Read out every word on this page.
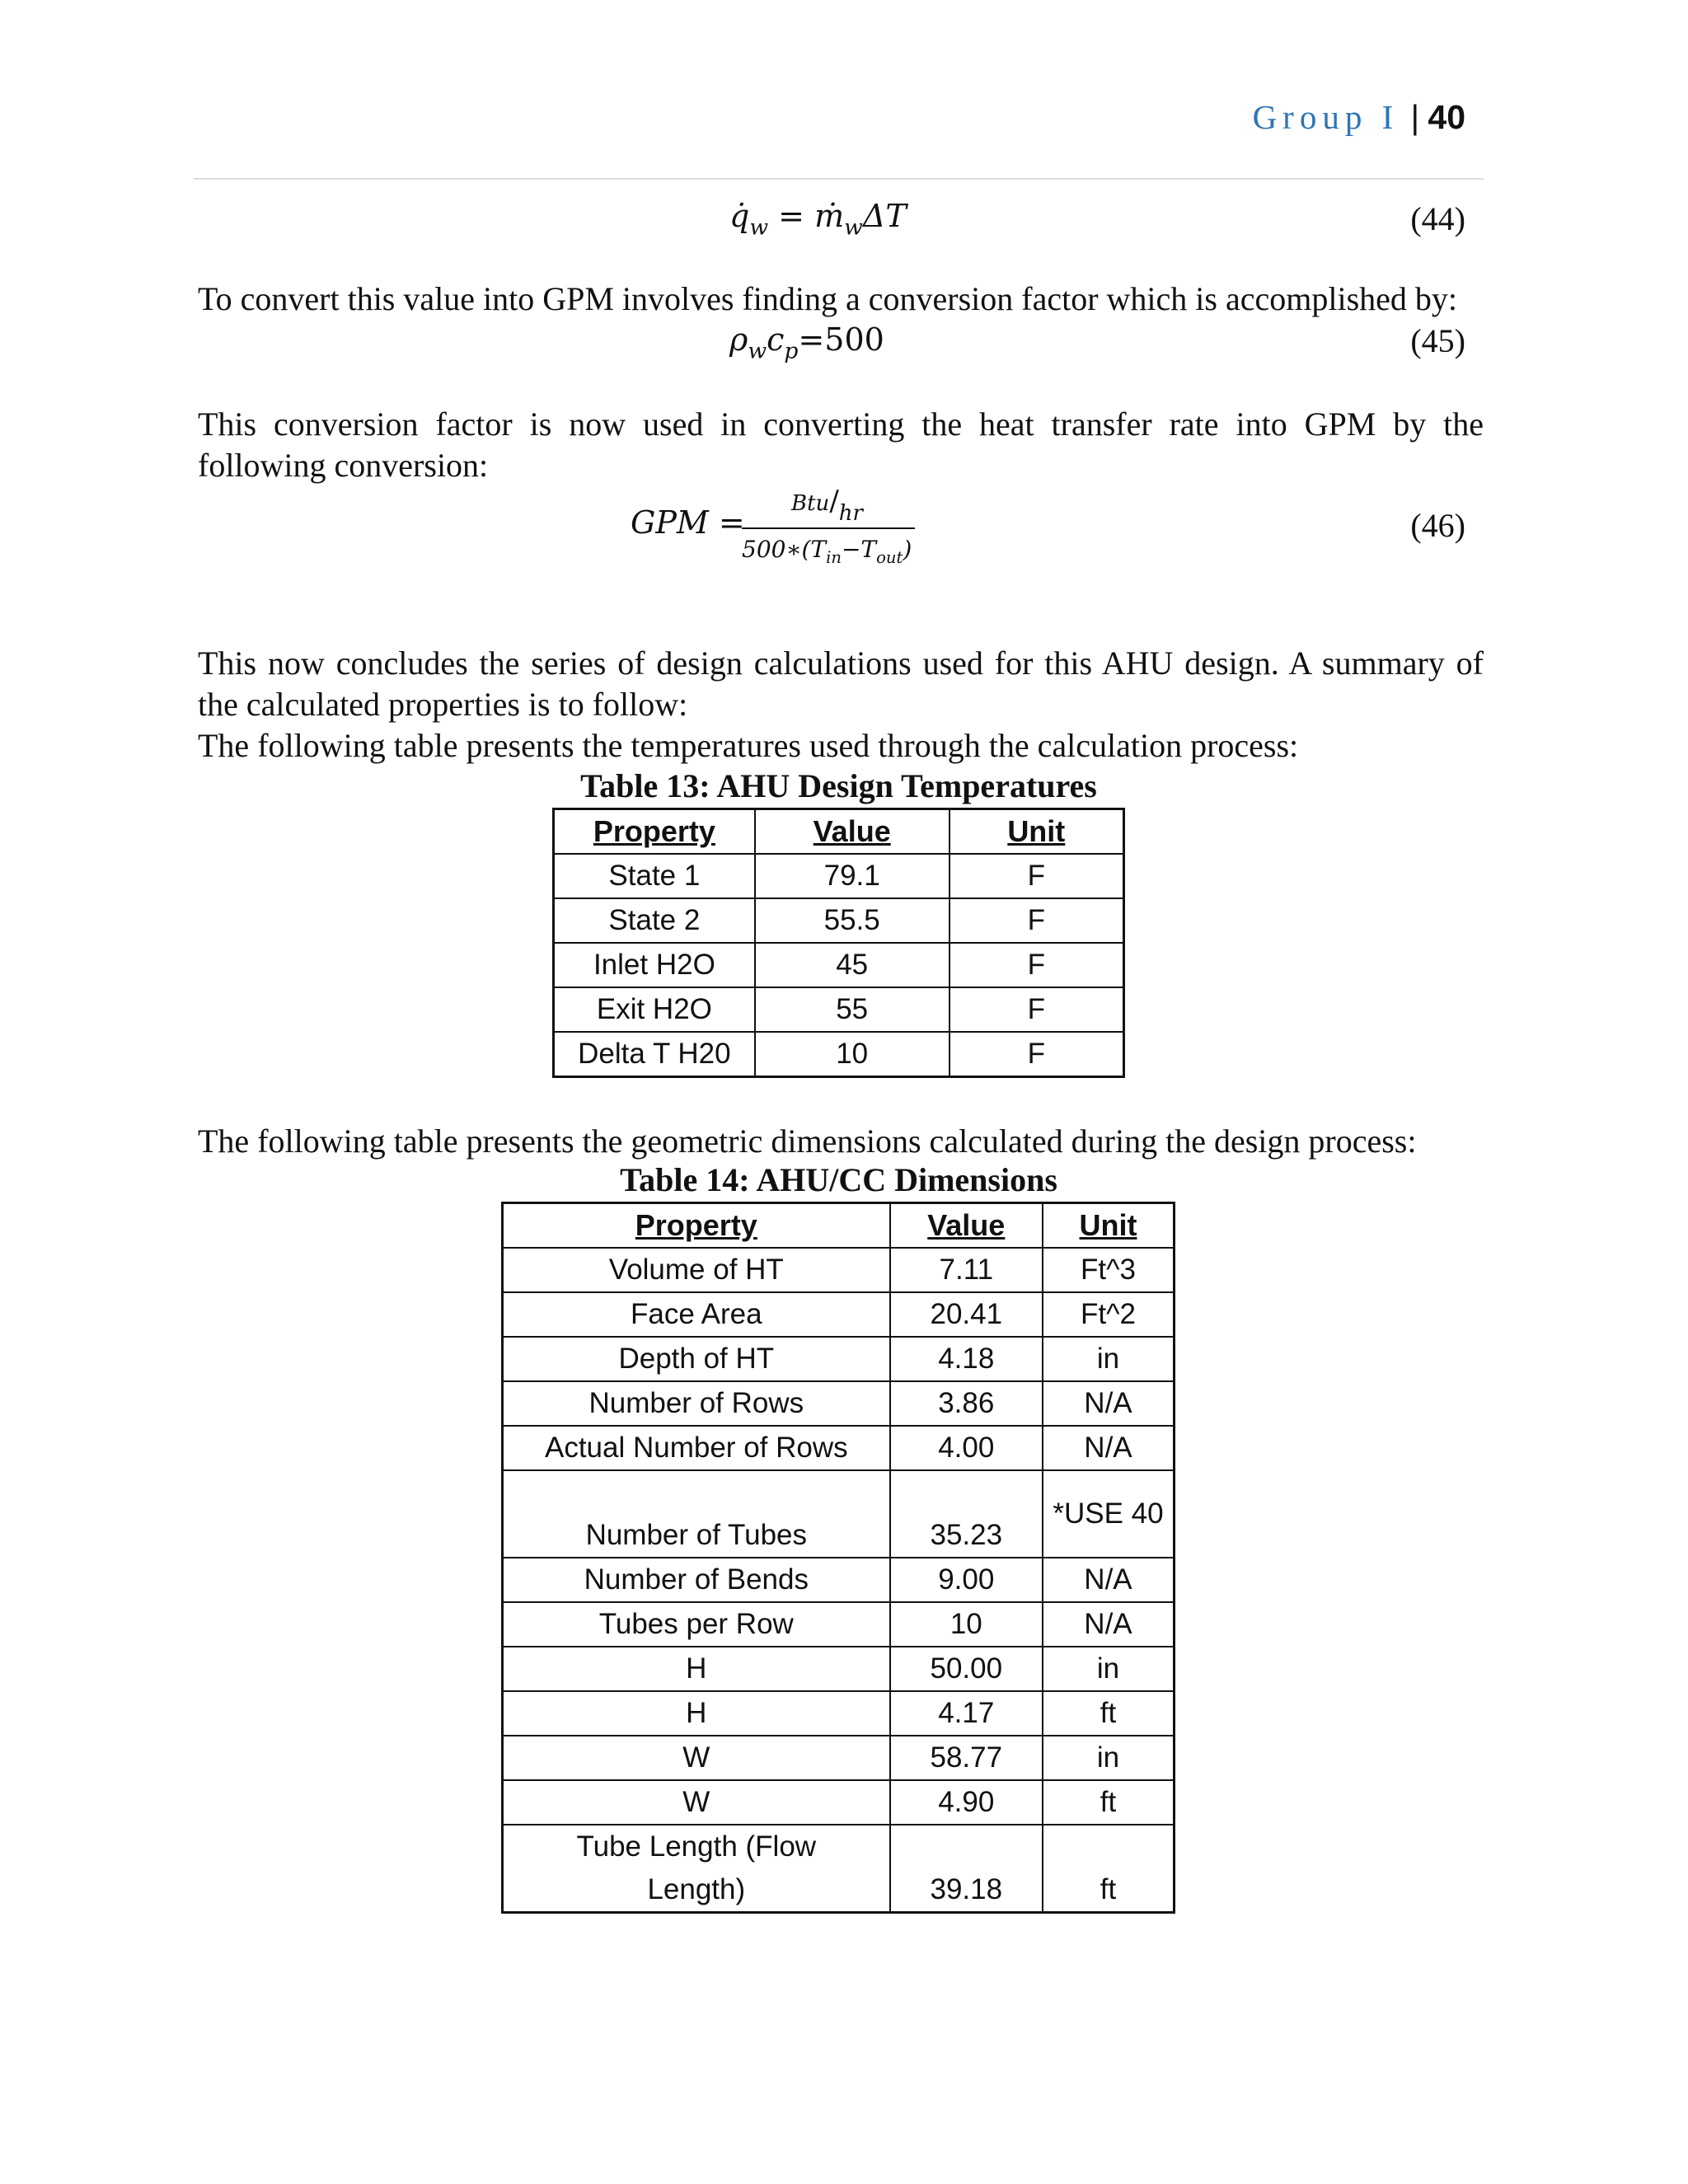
Group I | 40
$q̇_w$ = ṁ$_w$ΔT	(44)
To convert this value into GPM involves finding a conversion factor which is accomplished by:
$\rho_wc_p=500$	(45)
This conversion factor is now used in converting the heat transfer rate into GPM by the
following conversion:
GPM =
Btu/hr
$500∗(T_{in}-T_{out})$
(46)
This now concludes the series of design calculations used for this AHU design. A summary of
the calculated properties is to follow:
The following table presents the temperatures used through the calculation process:
Table 13: AHU Design Temperatures
Property	Value	Unit
State 1	79.1	F
State 2	55.5	F
Inlet H2O	45	F
Exit H2O	55	F
Delta T H20	10	F
The following table presents the geometric dimensions calculated during the design process:
Table 14: AHU/CC Dimensions
Property	Value	Unit
Volume of HT	7.11	Ft^3
Face Area	20.41	Ft^2
Depth of HT	4.18	in
Number of Rows	3.86	N/A
Actual Number of Rows	4.00	N/A
Number of Tubes	35.23	*USE 40
Number of Bends	9.00	N/A
Tubes per Row	10	N/A
H	50.00	in
H	4.17	ft
W	58.77	in
W	4.90	ft
Tube Length (Flow Length)	39.18	ft
